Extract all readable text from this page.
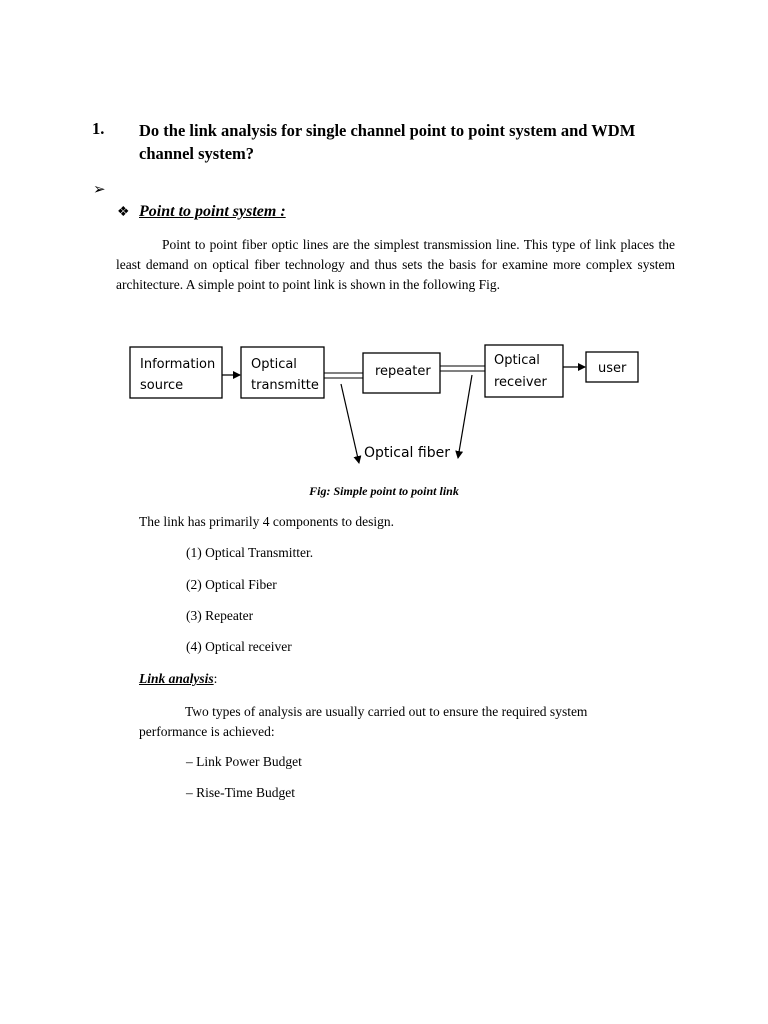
1. Do the link analysis for single channel point to point system and WDM channel system?
➢
❖ Point to point system :
Point to point fiber optic lines are the simplest transmission line. This type of link places the least demand on optical fiber technology and thus sets the basis for examine more complex system architecture. A simple point to point link is shown in the following Fig.
Information
source
Optical
transmitte
repeater
Optical
receiver
user
Optical fiber
Fig: Simple point to point link
The link has primarily 4 components to design.
(1) Optical Transmitter.
(2) Optical Fiber
(3) Repeater
(4) Optical receiver
Link analysis:
Two types of analysis are usually carried out to ensure the required system performance is achieved:
– Link Power Budget
– Rise-Time Budget
